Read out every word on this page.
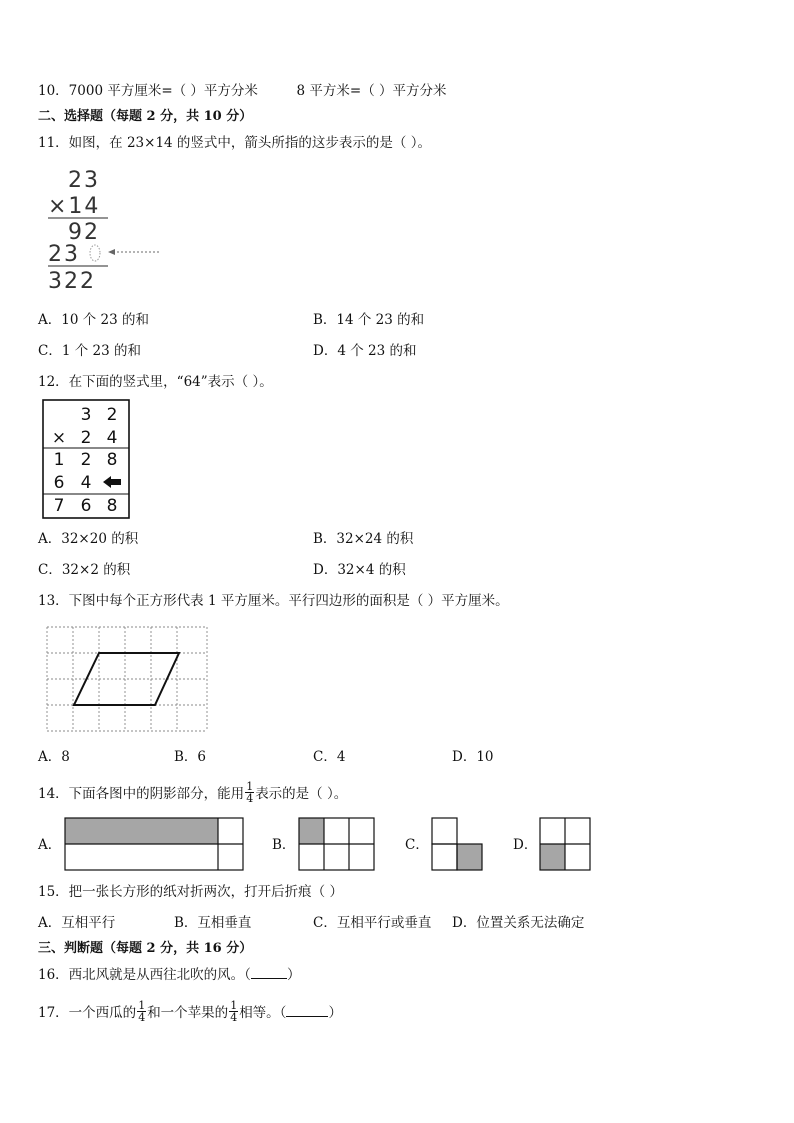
10．7000 平方厘米=（ ）平方分米	8 平方米=（ ）平方分米
二、选择题（每题 2 分，共 10 分）
11．如图，在 23×14 的竖式中，箭头所指的这步表示的是（ ）。
23
×14
92
23
322
A．10 个 23 的和	B．14 个 23 的和
C．1 个 23 的和	D．4 个 23 的和
12．在下面的竖式里，“64”表示（ ）。
3 2
× 2 4
1 2 8
6 4
7 6 8
A．32×20 的积	B．32×24 的积
C．32×2 的积	D．32×4 的积
13．下图中每个正方形代表 1 平方厘米。平行四边形的面积是（ ）平方厘米。
A．8	B．6	C．4	D．10
14．下面各图中的阴影部分，能用 $\frac{1}{4}$ 表示的是（ ）。
A．	B．	C．	D．
15．把一张长方形的纸对折两次，打开后折痕（ ）
A．互相平行	B．互相垂直	C．互相平行或垂直 D．位置关系无法确定
三、判断题（每题 2 分，共 16 分）
16．西北风就是从西往北吹的风。（	）
17．一个西瓜的 $\frac{1}{4}$ 和一个苹果的 $\frac{1}{4}$ 相等。（	）
